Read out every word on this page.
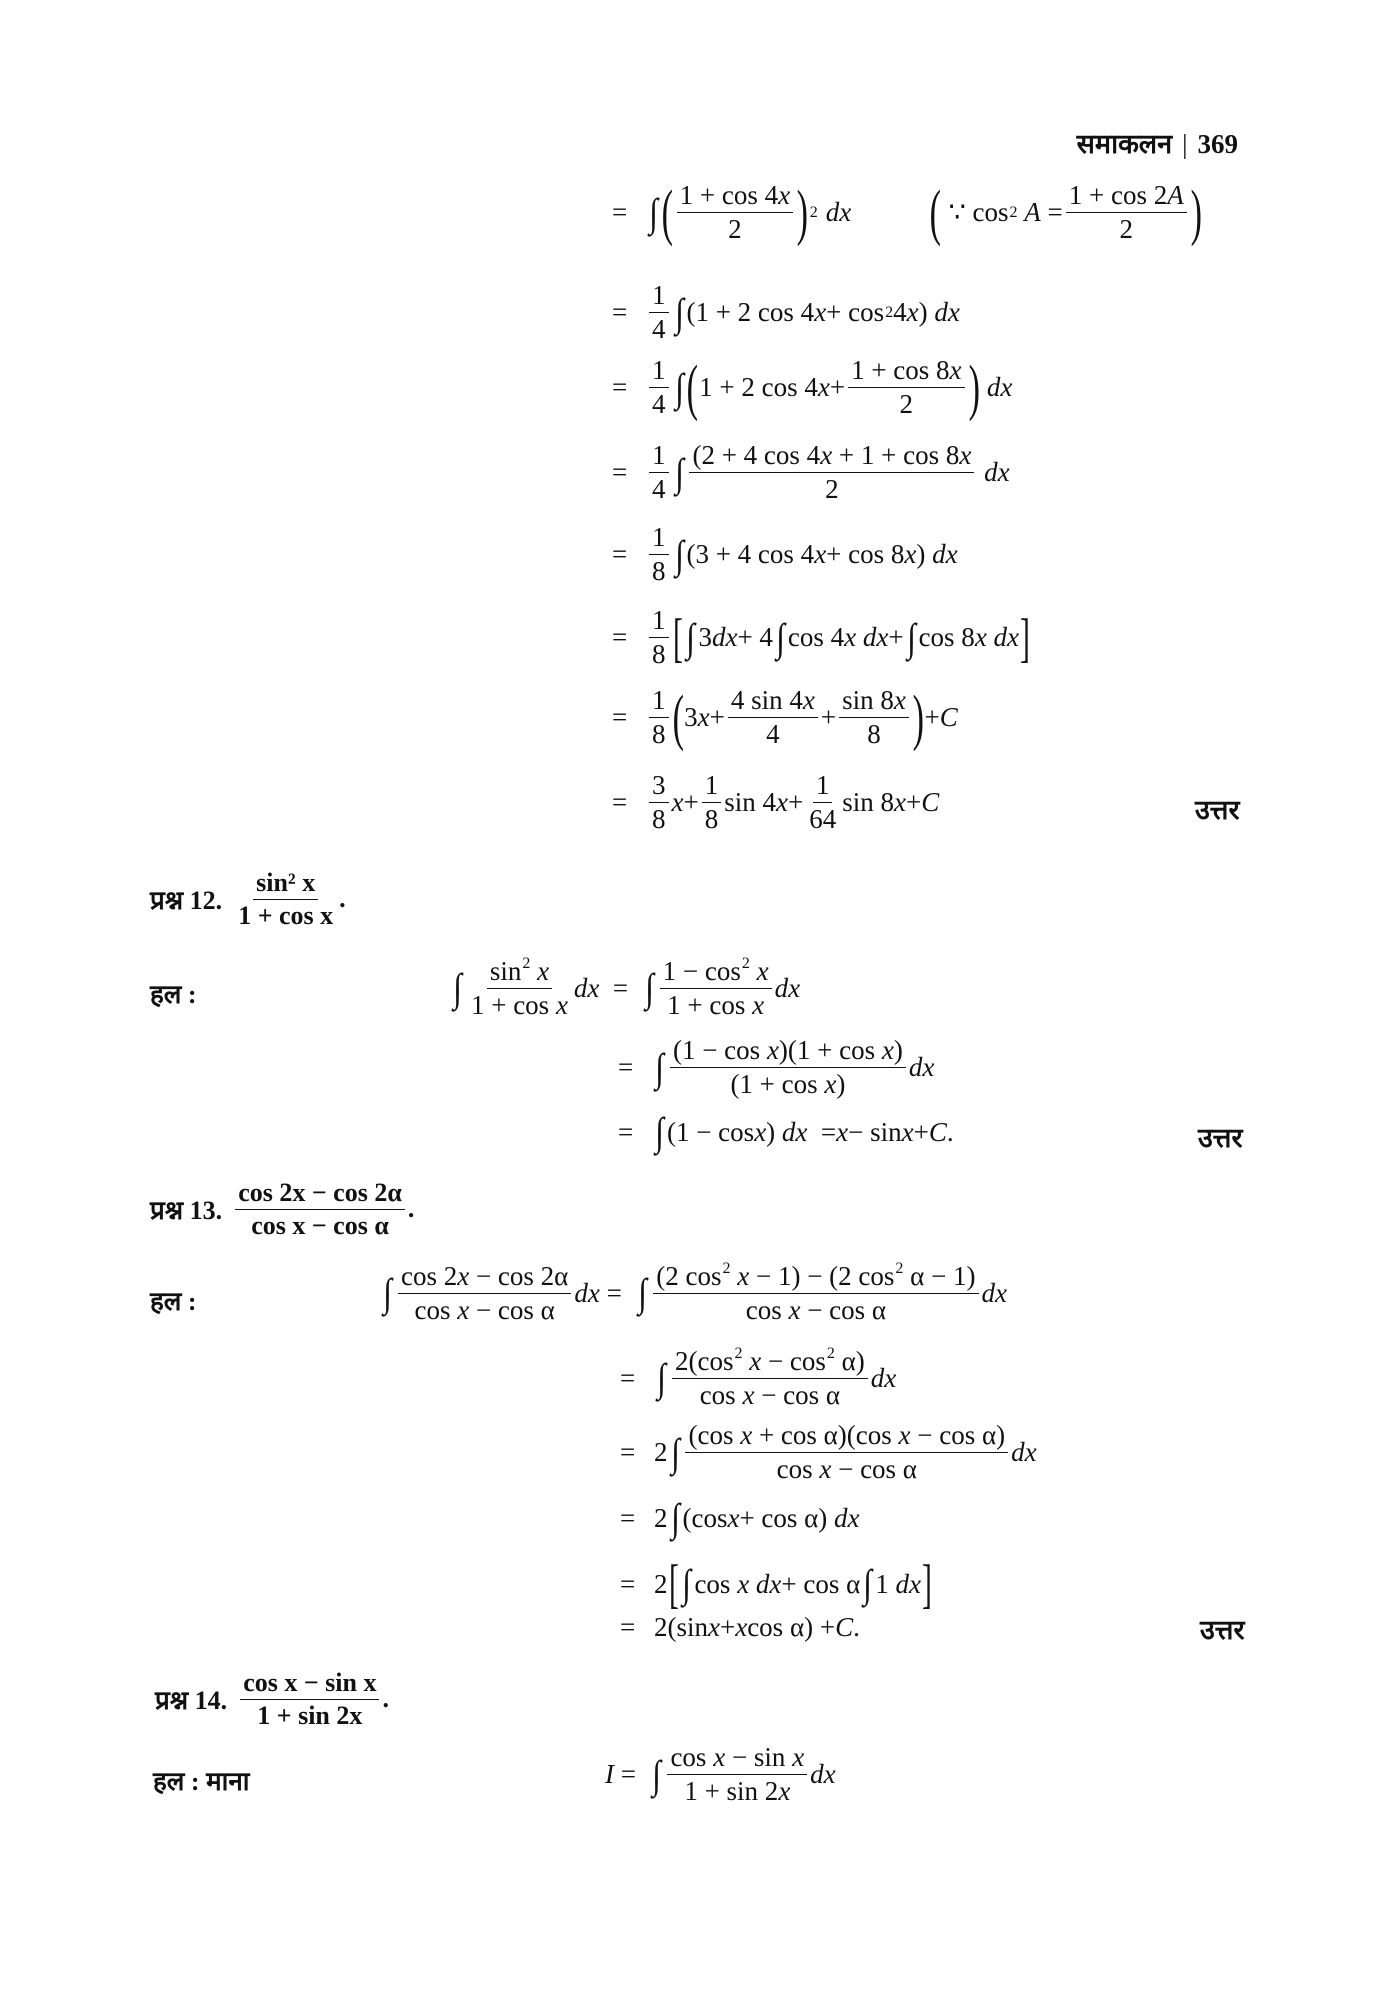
समाकलन | 369
= ∫ ( $\frac{1 + \cos 4x}{2}$ ) 2 dx ( ∵ cos 2 $A = \frac{1 + \cos 2A}{2}$ )
= $\frac{1}{4}$ ∫ (1 + 2 cos 4 x + cos 2 4 x ) dx
= $\frac{1}{4}$ ∫ ( 1 + 2 cos 4 $x + \frac{1 + \cos 8x}{2}$ )
dx
= $\frac{1}{4}$ ∫ $\frac{(2 + 4 \cos 4x + 1 + \cos 8x}{2}$
dx
= $\frac{1}{8}$ ∫ (3 + 4 cos 4 x + cos 8 x ) dx
= $\frac{1}{8}$ [ ∫ 3 dx + 4 ∫ cos 4 x dx + ∫ cos 8 x dx ]
= $\frac{1}{8}$ ( 3 $x + \frac{4 \sin 4x}{4} + \frac{\sin 8x}{8}$ ) + C
= $\frac{3}{8}$ $x + \frac{1}{8}$ sin 4 $x + \frac{1}{64}$ sin 8 x + C	उत्तर
प्रश्न 12. $\frac{\text{sin² x}}{\text{1 + cos x}}$ .
हल :	∫ $\frac{\sin^2 x}{\text{1 + cos x}}$ dx = ∫ $\frac{1 - \cos^2 x}{\text{1 + cos x}}$ dx
= ∫ $\frac{\text{(1 − cos x)(1 + cos x)}}{\text{(1 + cos x)}}$ dx
= ∫ (1 − cos x ) dx = x − sin x + C .	उत्तर
प्रश्न 13. $\frac{\cos 2x - \cos 2\alpha}{\text{cos x − cos α}}$ .
हल :	∫ $\frac{\cos 2x - \cos 2\alpha}{\text{cos x − cos α}}$ dx = ∫ $\frac{(2 \cos^2 x - 1) - (2 \cos^2 \alpha - 1)}{\text{cos x − cos α}}$ dx
= ∫ $\frac{2(\cos^2 x - \cos^2 \alpha)}{\text{cos x − cos α}}$ dx
= 2 ∫ $\frac{\text{(cos x + cos α)(cos x − cos α)}}{\text{cos x − cos α}}$ dx
= 2 ∫ (cos x + cos α) dx
= 2 [ ∫ cos x dx + cos α ∫ 1 dx ]
= 2(sin x + x cos α) + C .	उत्तर
प्रश्न 14. $\frac{\text{cos x − sin x}}{1 + \sin 2x}$ .
हल : माना	I = ∫ $\frac{\text{cos x − sin x}}{1 + \sin 2x}$ dx
